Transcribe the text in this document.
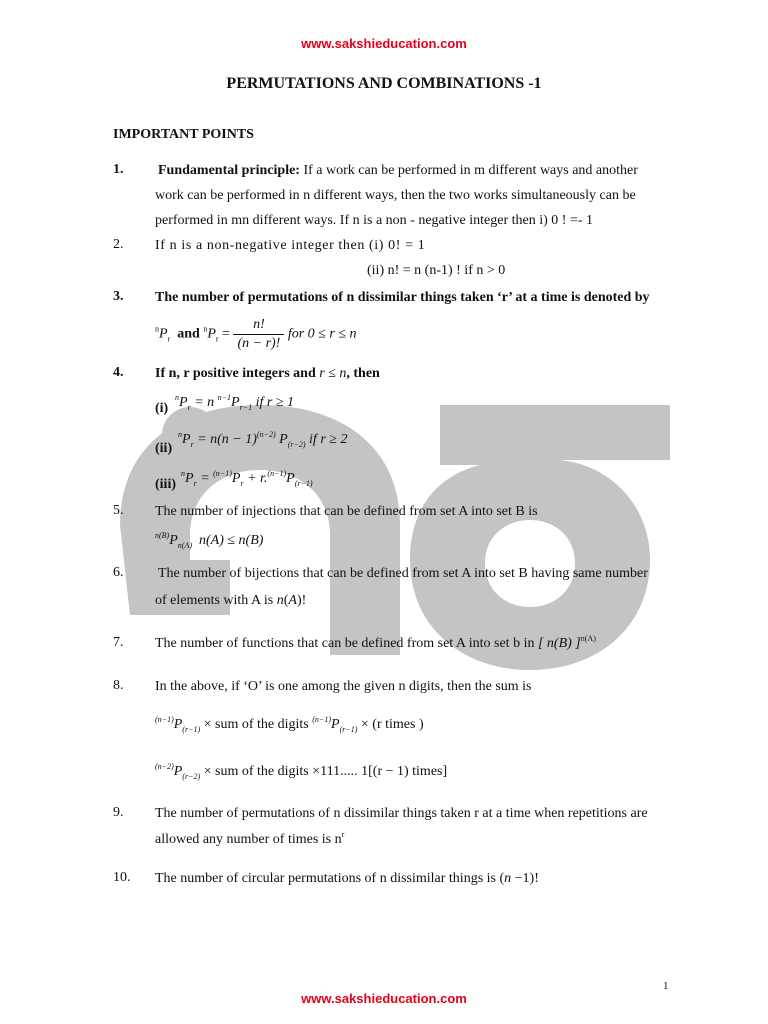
www.sakshieducation.com
PERMUTATIONS AND COMBINATIONS -1
IMPORTANT POINTS
1. Fundamental principle: If a work can be performed in m different ways and another
work can be performed in n different ways, then the two works simultaneously can be
performed in mn different ways. If n is a non - negative integer then i) 0 ! =- 1
2. If n is a non-negative integer then (i) 0! = 1
(ii) n! = n (n-1) ! if n > 0
3. The number of permutations of n dissimilar things taken ‘r’ at a time is denoted by
$^nP_r$ and $^nP_r = \frac{n!}{(n - r)!}$ for 0 ≤ r ≤ n
4. If n, r positive integers and r ≤ n, then
(i)
$^nP_r = n$ $^{n-1}P_{r-1}$ if r ≥ 1
(ii)
$^nP_r = n(n - 1)^{(n-2)}$ $P_{(r-2)}$ if r ≥ 2
(iii)
$^nP_r = ^{(n-1)}P_r + r.^{(n-1)}P_{(r-1)}$
5. The number of injections that can be defined from set A into set B is
$^{n(B)}P_{n(A)}$  n(A) ≤ n(B)
6. The number of bijections that can be defined from set A into set B having same number
of elements with A is n(A)!
7. The number of functions that can be defined from set A into set b in [ n(B) ]$^{n(A)}$
8. In the above, if ‘O’ is one among the given n digits, then the sum is
$^{(n-1)}P_{(r-1)}$ × sum of the digits $^{(n-1)}P_{(r-1)} \times (r$ times )
$^{(n-2)}P_{(r-2)}$ × sum of the digits ×111..... 1[(r − 1) times]
9. The number of permutations of n dissimilar things taken r at a time when repetitions are
allowed any number of times is $n^r$
10. The number of circular permutations of n dissimilar things is (n −1)!
1
www.sakshieducation.com
